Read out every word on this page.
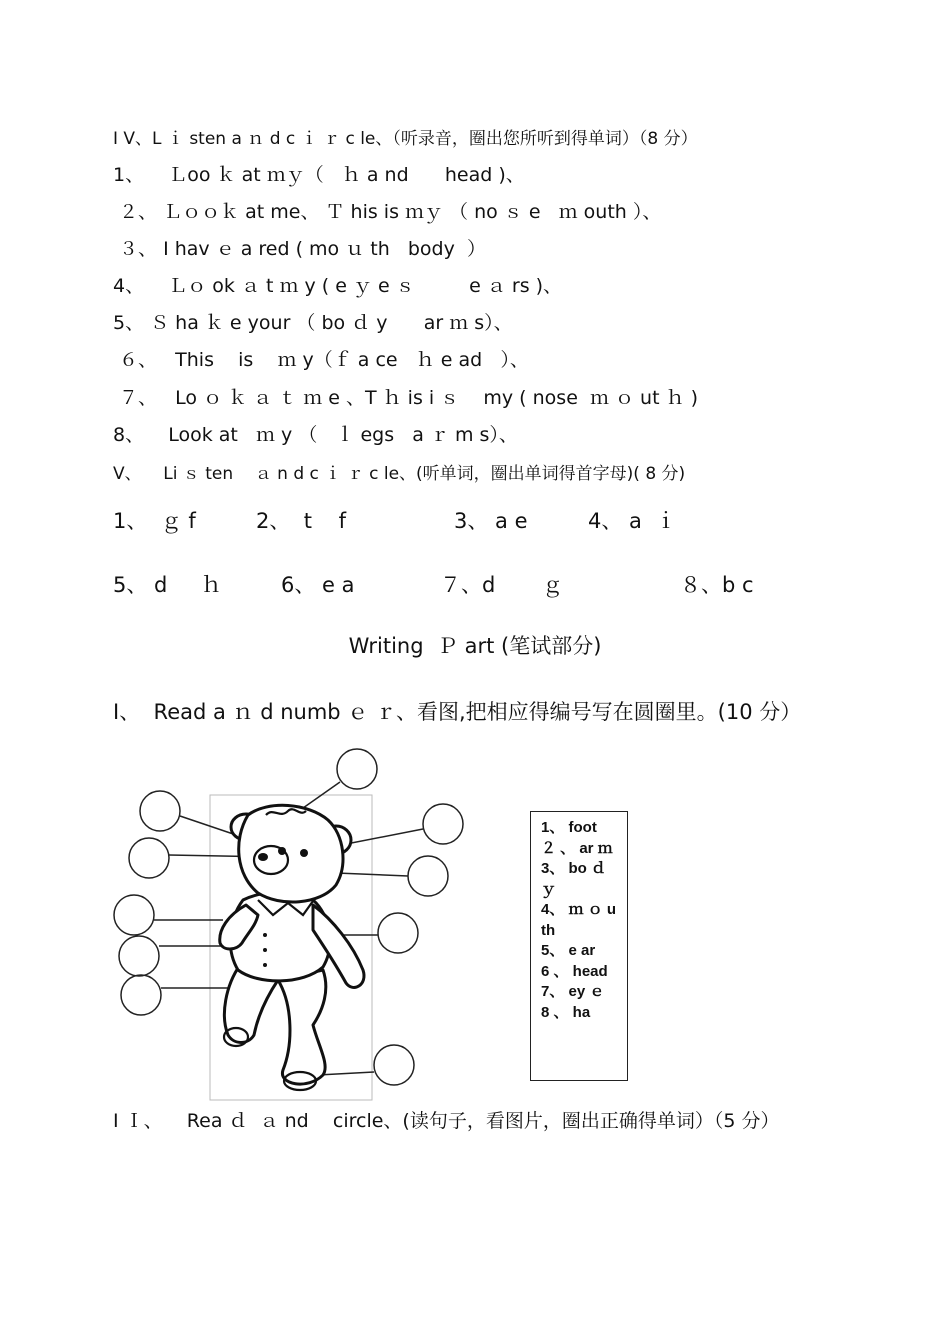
I V、L ｉ sten a ｎ d c ｉ ｒ c le、（听录音，圈出您所听到得单词）（8 分）
1、    Ｌoo ｋ at ｍｙ（   ｈ a nd      head )、
２、 Ｌｏｏｋ at me、 Ｔ his is ｍｙ （ no ｓ e   ｍ outh ）、
３、 I hav ｅ a red ( mo ｕ th   body  ）
4、    Ｌｏ ok ａ t ｍ y ( e ｙ e ｓ         e ａ rs )、
5、 Ｓ ha ｋ e your （ bo ｄ y      ar ｍ s）、
６、   This    is    ｍ y（ｆ a ce   ｈ e ad   ）、
７、   Lo ｏ ｋ ａ ｔ ｍ e 、T ｈ is i ｓ    my ( nose  ｍ ｏ ut ｈ )
8、    Look at   ｍ y （   ｌ egs   a ｒ m s）、
V、    Li ｓ ten    ａ n d c ｉ ｒ c le、(听单词，圈出单词得首字母)( 8 分)
1、  ｇ f	2、  t    f	3、 a e	4、 a  ｉ
5、 d     ｈ	6、 e a	７、d       ｇ	８、b c
Writing  Ｐ art (笔试部分)
I、  Read a ｎ d numb ｅ ｒ、看图,把相应得编号写在圆圈里。(10 分）
1、 foot
２ 、 ar ｍ
3、 bo ｄｙ
4、 ｍ ｏ uth
5、 e ar
6 、 head
7、 ey ｅ
8 、 ha
I Ｉ、    Rea ｄ  ａ nd    circle、(读句子，看图片，圈出正确得单词）（5 分）
